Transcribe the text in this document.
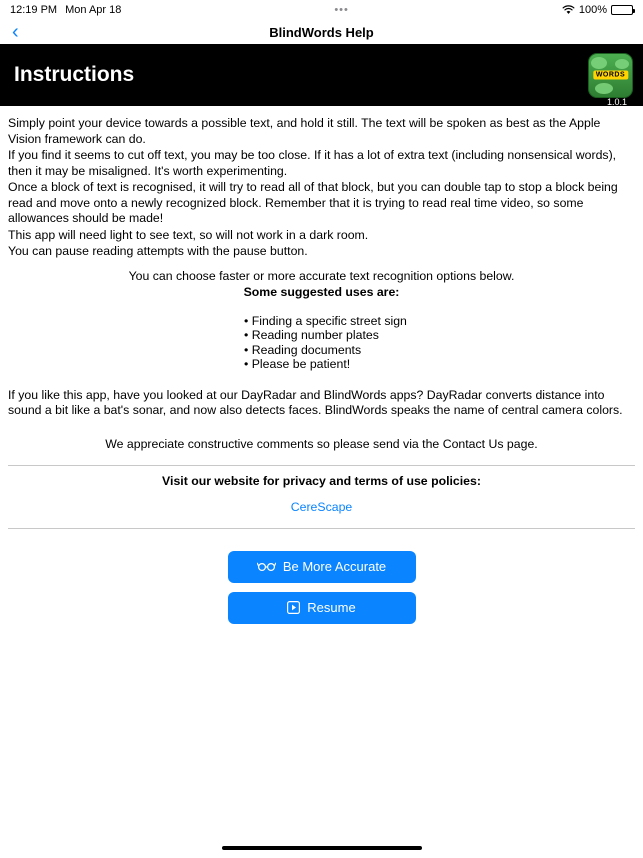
12:19 PM Mon Apr 18	•••	100%
‹	BlindWords Help
Instructions	WORDS
1.0.1

Simply point your device towards a possible text, and hold it still. The text will be spoken as best as the Apple Vision framework can do.

If you find it seems to cut off text, you may be too close. If it has a lot of extra text (including nonsensical words), then it may be misaligned. It's worth experimenting.

Once a block of text is recognised, it will try to read all of that block, but you can double tap to stop a block being read and move onto a newly recognized block. Remember that it is trying to read real time video, so some allowances should be made!

This app will need light to see text, so will not work in a dark room.

You can pause reading attempts with the pause button.

You can choose faster or more accurate text recognition options below.

Some suggested uses are:

• Finding a specific street sign
• Reading number plates
• Reading documents
• Please be patient!

If you like this app, have you looked at our DayRadar and BlindWords apps? DayRadar converts distance into sound a bit like a bat's sonar, and now also detects faces. BlindWords speaks the name of central camera colors.

We appreciate constructive comments so please send via the Contact Us page.

Visit our website for privacy and terms of use policies:

CereScape
Be More Accurate
Resume
